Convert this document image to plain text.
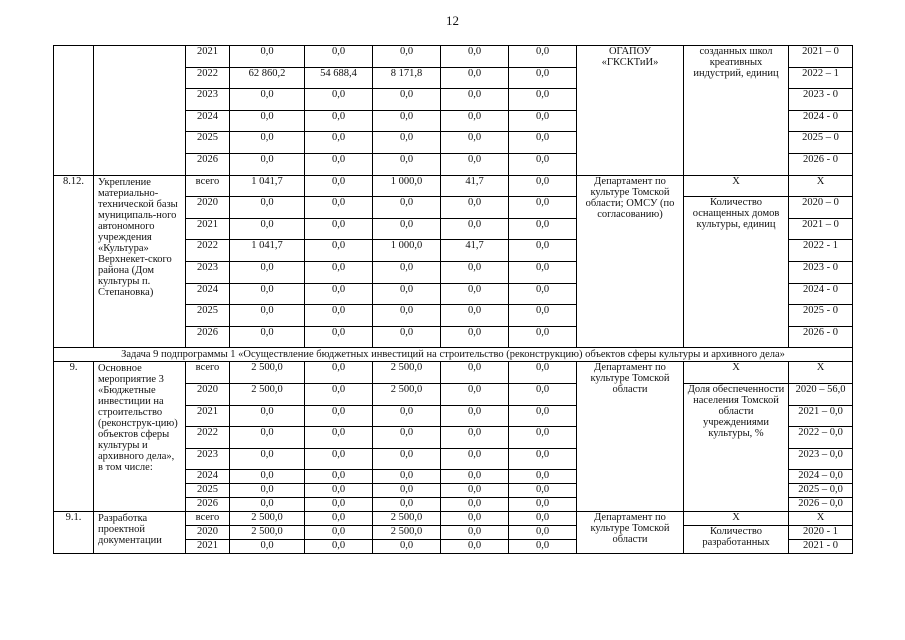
12
		2021	0,0	0,0	0,0	0,0	0,0	ОГАПОУ «ГКСКТиИ»	созданных школ креативных индустрий, единиц	2021 – 0
		2022	62 860,2	54 688,4	8 171,8	0,0	0,0			2022 – 1
		2023	0,0	0,0	0,0	0,0	0,0			2023 - 0
		2024	0,0	0,0	0,0	0,0	0,0			2024 - 0
		2025	0,0	0,0	0,0	0,0	0,0			2025 – 0
		2026	0,0	0,0	0,0	0,0	0,0			2026 - 0
8.12.	Укрепление материально-технической базы муниципаль-ного автономного учреждения «Культура» Верхнекет-ского района (Дом культуры п. Степановка)	всего	1 041,7	0,0	1 000,0	41,7	0,0	Департамент по культуре Томской области; ОМСУ (по согласованию)	Х	Х
		2020	0,0	0,0	0,0	0,0	0,0		Количество оснащенных домов культуры, единиц	2020 – 0
		2021	0,0	0,0	0,0	0,0	0,0			2021 – 0
		2022	1 041,7	0,0	1 000,0	41,7	0,0			2022 - 1
		2023	0,0	0,0	0,0	0,0	0,0			2023 - 0
		2024	0,0	0,0	0,0	0,0	0,0			2024 - 0
		2025	0,0	0,0	0,0	0,0	0,0			2025 - 0
		2026	0,0	0,0	0,0	0,0	0,0			2026 - 0
Задача 9 подпрограммы 1 «Осуществление бюджетных инвестиций на строительство (реконструкцию) объектов сферы культуры и архивного дела»										
9.	Основное мероприятие 3 «Бюджетные инвестиции на строительство (реконструк-цию) объектов сферы культуры и архивного дела», в том числе:	всего	2 500,0	0,0	2 500,0	0,0	0,0	Департамент по культуре Томской области	Х	Х
		2020	2 500,0	0,0	2 500,0	0,0	0,0		Доля обеспеченности населения Томской области учреждениями культуры, %	2020 – 56,0
		2021	0,0	0,0	0,0	0,0	0,0			2021 – 0,0
		2022	0,0	0,0	0,0	0,0	0,0			2022 – 0,0
		2023	0,0	0,0	0,0	0,0	0,0			2023 – 0,0
		2024	0,0	0,0	0,0	0,0	0,0			2024 – 0,0
		2025	0,0	0,0	0,0	0,0	0,0			2025 – 0,0
		2026	0,0	0,0	0,0	0,0	0,0			2026 – 0,0
9.1.	Разработка проектной документации	всего	2 500,0	0,0	2 500,0	0,0	0,0	Департамент по культуре Томской области	Х	Х
		2020	2 500,0	0,0	2 500,0	0,0	0,0		Количество разработанных	2020 - 1
		2021	0,0	0,0	0,0	0,0	0,0			2021 - 0
